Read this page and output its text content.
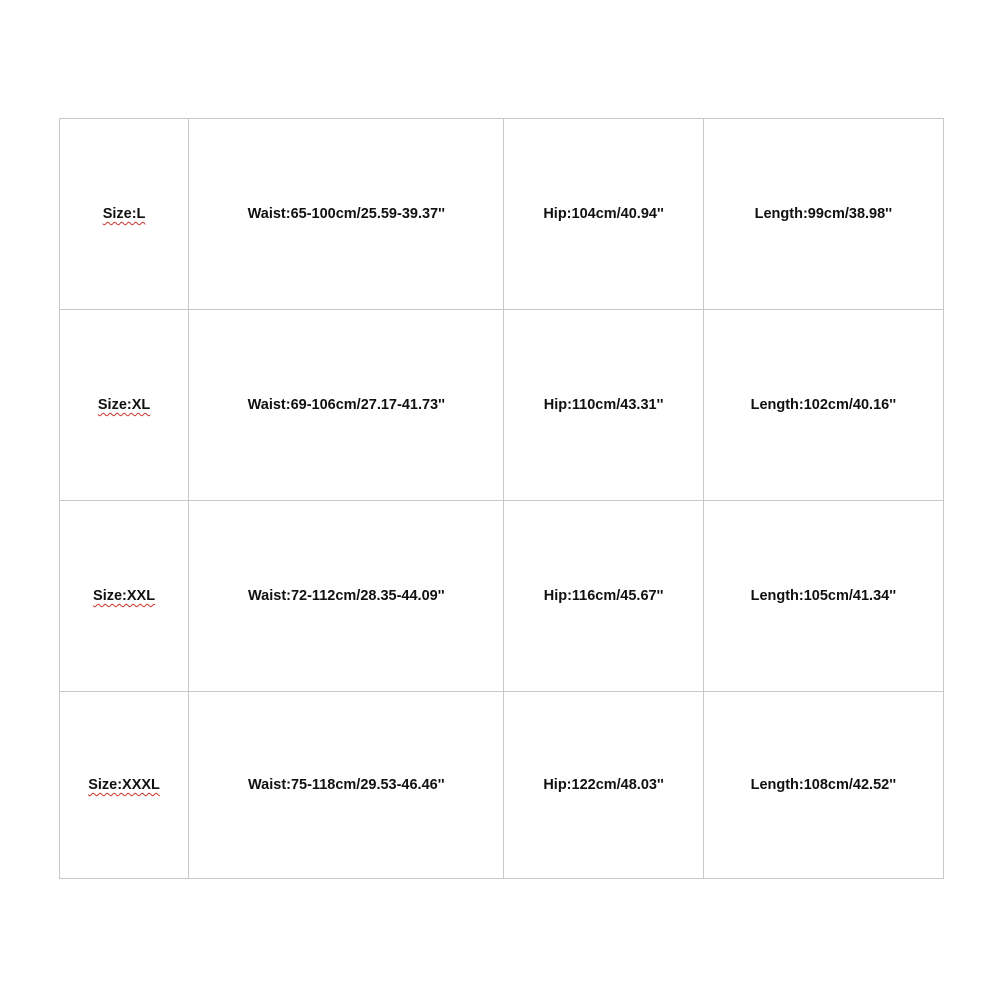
Size:L	Waist:65-100cm/25.59-39.37''	Hip:104cm/40.94''	Length:99cm/38.98''
Size:XL	Waist:69-106cm/27.17-41.73''	Hip:110cm/43.31''	Length:102cm/40.16''
Size:XXL	Waist:72-112cm/28.35-44.09''	Hip:116cm/45.67''	Length:105cm/41.34''
Size:XXXL	Waist:75-118cm/29.53-46.46''	Hip:122cm/48.03''	Length:108cm/42.52''
